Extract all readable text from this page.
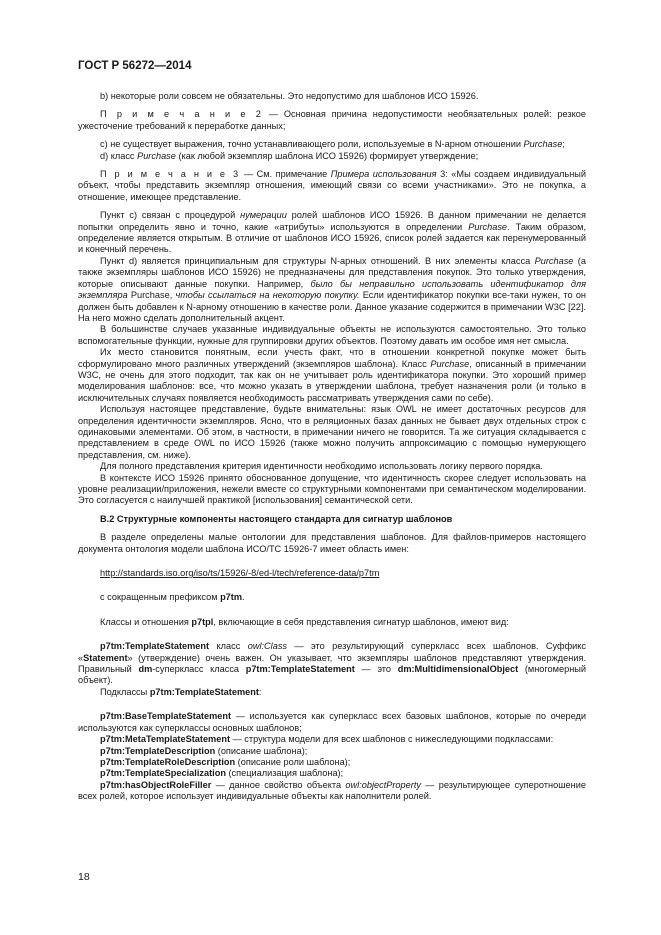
ГОСТ Р 56272—2014

b) некоторые роли совсем не обязательны. Это недопустимо для шаблонов ИСО 15926.

П р и м е ч а н и е 2 — Основная причина недопустимости необязательных ролей: резкое ужесточение требований к переработке данных;

c) не существует выражения, точно устанавливающего роли, используемые в N-арном отношении Purchase;

d) класс Purchase (как любой экземпляр шаблона ИСО 15926) формирует утверждение;

П р и м е ч а н и е 3 — См. примечание Примера использования 3: «Мы создаем индивидуальный объект, чтобы представить экземпляр отношения, имеющий связи со всеми участниками». Это не покупка, а отношение, имеющее представление.

Пункт с) связан с процедурой нумерации ролей шаблонов ИСО 15926. В данном примечании не делается попытки определить явно и точно, какие «атрибуты» используются в определении Purchase. Таким образом, определение является открытым. В отличие от шаблонов ИСО 15926, список ролей задается как перенумерованный и конечный перечень.

Пункт d) является принципиальным для структуры N-арных отношений. В них элементы класса Purchase (а также экземпляры шаблонов ИСО 15926) не предназначены для представления покупок. Это только утверждения, которые описывают данные покупки. Например, было бы неправильно использовать идентификатор для экземпляра Purchase, чтобы ссылаться на некоторую покупку. Если идентификатор покупки все-таки нужен, то он должен быть добавлен к N-арному отношению в качестве роли. Данное указание содержится в примечании W3C [22]. На него можно сделать дополнительный акцент.

В большинстве случаев указанные индивидуальные объекты не используются самостоятельно. Это только вспомогательные функции, нужные для группировки других объектов. Поэтому давать им особое имя нет смысла.

Их место становится понятным, если учесть факт, что в отношении конкретной покупке может быть сформулировано много различных утверждений (экземпляров шаблона). Класс Purchase, описанный в примечании W3C, не очень для этого подходит, так как он не учитывает роль идентификатора покупки. Это хороший пример моделирования шаблонов: все, что можно указать в утверждении шаблона, требует назначения роли (и только в исключительных случаях появляется необходимость рассматривать утверждения сами по себе).

Используя настоящее представление, будьте внимательны: язык OWL не имеет достаточных ресурсов для определения идентичности экземпляров. Ясно, что в реляционных базах данных не бывает двух отдельных строк с одинаковыми элементами. Об этом, в частности, в примечании ничего не говорится. Та же ситуация складывается с представлением в среде OWL по ИСО 15926 (также можно получить аппроксимацию с помощью нумерующего представления, см. ниже).

Для полного представления критерия идентичности необходимо использовать логику первого порядка.

В контексте ИСО 15926 принято обоснованное допущение, что идентичность скорее следует использовать на уровне реализации/приложения, нежели вместе со структурными компонентами при семантическом моделировании. Это согласуется с наилучшей практикой [использования] семантической сети.

В.2 Структурные компоненты настоящего стандарта для сигнатур шаблонов

В разделе определены малые онтологии для представления шаблонов. Для файлов-примеров настоящего документа онтология модели шаблона ИСО/ТС 15926-7 имеет область имен:

http://standards.iso.org/iso/ts/15926/-8/ed-l/tech/reference-data/p7tm

с сокращенным префиксом p7tm.

Классы и отношения p7tpl, включающие в себя представления сигнатур шаблонов, имеют вид:

p7tm:TemplateStatement класс owl:Class — это результирующий суперкласс всех шаблонов. Суффикс «Statement» (утверждение) очень важен. Он указывает, что экземпляры шаблонов представляют утверждения. Правильный dm-суперкласс класса p7tm:TemplateStatement — это dm:MultidimensionalObject (многомерный объект).

Подклассы p7tm:TemplateStatement:

p7tm:BaseTemplateStatement — используется как суперкласс всех базовых шаблонов, которые по очереди используются как суперклассы основных шаблонов;

p7tm:MetaTemplateStatement — структура модели для всех шаблонов с нижеследующими подклассами:

p7tm:TemplateDescription (описание шаблона);

p7tm:TemplateRoleDescription (описание роли шаблона);

p7tm:TemplateSpecialization (специализация шаблона);

p7tm:hasObjectRoleFiller — данное свойство объекта owl:objectProperty — результирующее суперотношение всех ролей, которое использует индивидуальные объекты как наполнители ролей.

18
